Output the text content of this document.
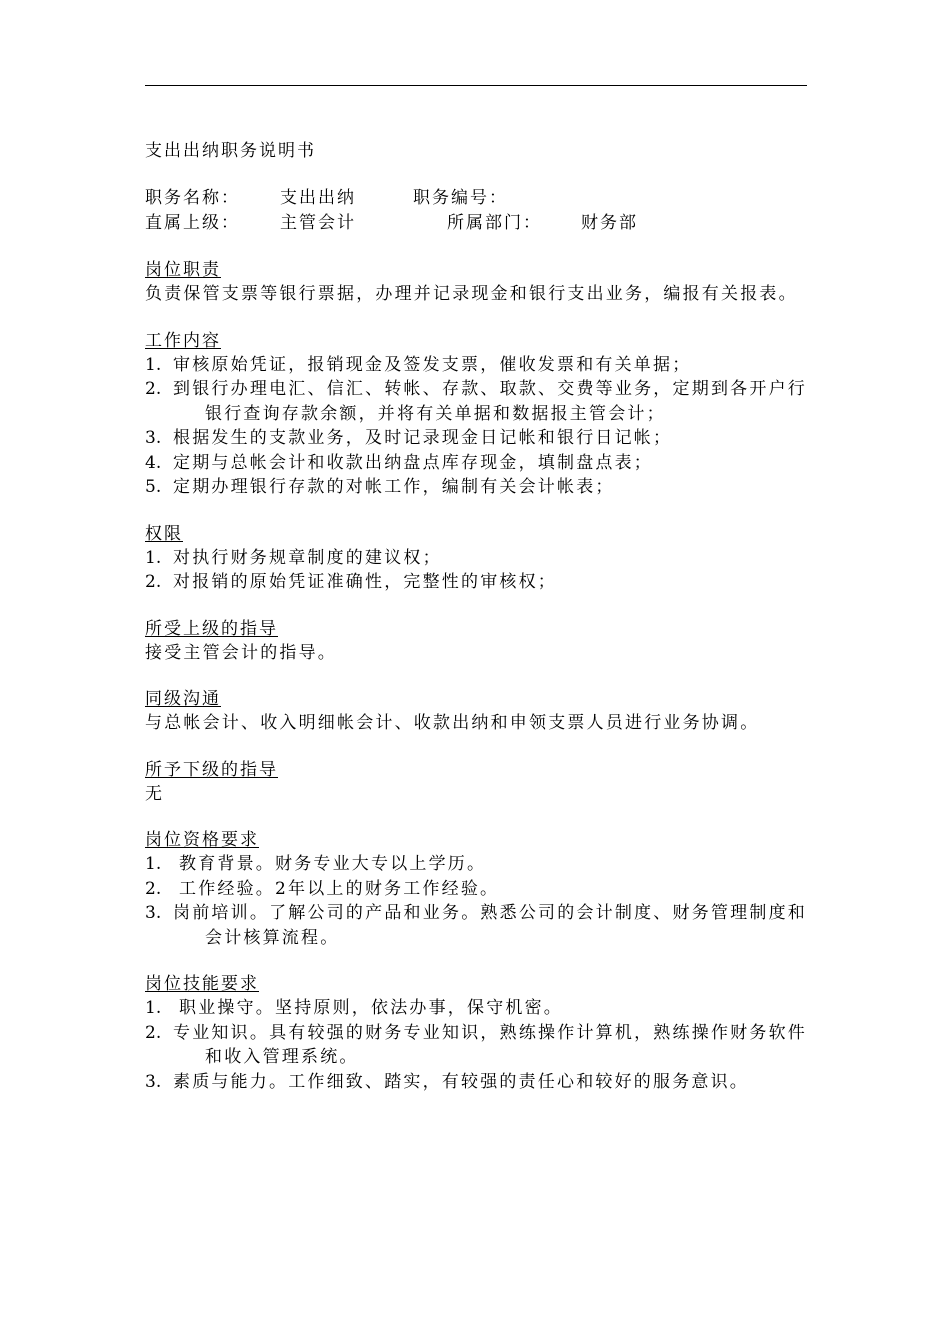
支出出纳职务说明书
职务名称： 支出出纳	职务编号：
直属上级： 主管会计	所属部门： 财务部
岗位职责
负责保管支票等银行票据，办理并记录现金和银行支出业务，编报有关报表。
工作内容
1. 审核原始凭证，报销现金及签发支票，催收发票和有关单据；
2. 到银行办理电汇、信汇、转帐、存款、取款、交费等业务，定期到各开户行银行查询存款余额，并将有关单据和数据报主管会计；
3. 根据发生的支款业务，及时记录现金日记帐和银行日记帐；
4. 定期与总帐会计和收款出纳盘点库存现金，填制盘点表；
5. 定期办理银行存款的对帐工作，编制有关会计帐表；
权限
1. 对执行财务规章制度的建议权；
2. 对报销的原始凭证准确性，完整性的审核权；
所受上级的指导
接受主管会计的指导。
同级沟通
与总帐会计、收入明细帐会计、收款出纳和申领支票人员进行业务协调。
所予下级的指导
无
岗位资格要求
1. 教育背景。财务专业大专以上学历。
2. 工作经验。2年以上的财务工作经验。
3. 岗前培训。了解公司的产品和业务。熟悉公司的会计制度、财务管理制度和会计核算流程。
岗位技能要求
1. 职业操守。坚持原则，依法办事，保守机密。
2. 专业知识。具有较强的财务专业知识，熟练操作计算机，熟练操作财务软件和收入管理系统。
3. 素质与能力。工作细致、踏实，有较强的责任心和较好的服务意识。
